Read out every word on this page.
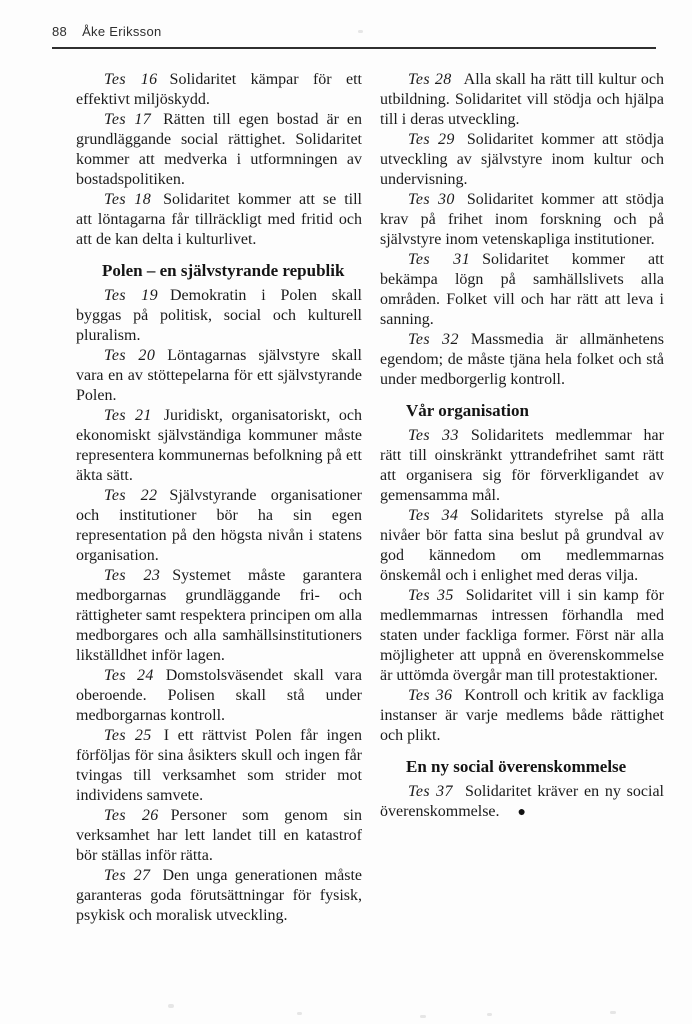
88 Åke Eriksson

Tes 16 Solidaritet kämpar för ett effektivt miljöskydd.

Tes 17 Rätten till egen bostad är en grundläggande social rättighet. Solidaritet kommer att medverka i utformningen av bostadspolitiken.

Tes 18 Solidaritet kommer att se till att löntagarna får tillräckligt med fritid och att de kan delta i kulturlivet.

Polen – en självstyrande republik

Tes 19 Demokratin i Polen skall byggas på politisk, social och kulturell pluralism.

Tes 20 Löntagarnas självstyre skall vara en av stöttepelarna för ett självstyrande Polen.

Tes 21 Juridiskt, organisatoriskt, och ekonomiskt självständiga kommuner måste representera kommunernas befolkning på ett äkta sätt.

Tes 22 Självstyrande organisationer och institutioner bör ha sin egen representation på den högsta nivån i statens organisation.

Tes 23 Systemet måste garantera medborgarnas grundläggande fri- och rättigheter samt respektera principen om alla medborgares och alla samhällsinstitutioners likställdhet inför lagen.

Tes 24 Domstolsväsendet skall vara oberoende. Polisen skall stå under medborgarnas kontroll.

Tes 25 I ett rättvist Polen får ingen förföljas för sina åsikters skull och ingen får tvingas till verksamhet som strider mot individens samvete.

Tes 26 Personer som genom sin verksamhet har lett landet till en katastrof bör ställas inför rätta.

Tes 27 Den unga generationen måste garanteras goda förutsättningar för fysisk, psykisk och moralisk utveckling.

Tes 28 Alla skall ha rätt till kultur och utbildning. Solidaritet vill stödja och hjälpa till i deras utveckling.

Tes 29 Solidaritet kommer att stödja utveckling av självstyre inom kultur och undervisning.

Tes 30 Solidaritet kommer att stödja krav på frihet inom forskning och på självstyre inom vetenskapliga institutioner.

Tes 31 Solidaritet kommer att bekämpa lögn på samhällslivets alla områden. Folket vill och har rätt att leva i sanning.

Tes 32 Massmedia är allmänhetens egendom; de måste tjäna hela folket och stå under medborgerlig kontroll.

Vår organisation

Tes 33 Solidaritets medlemmar har rätt till oinskränkt yttrandefrihet samt rätt att organisera sig för förverkligandet av gemensamma mål.

Tes 34 Solidaritets styrelse på alla nivåer bör fatta sina beslut på grundval av god kännedom om medlemmarnas önskemål och i enlighet med deras vilja.

Tes 35 Solidaritet vill i sin kamp för medlemmarnas intressen förhandla med staten under fackliga former. Först när alla möjligheter att uppnå en överenskommelse är uttömda övergår man till protestaktioner.

Tes 36 Kontroll och kritik av fackliga instanser är varje medlems både rättighet och plikt.

En ny social överenskommelse

Tes 37 Solidaritet kräver en ny social överenskommelse. ●
